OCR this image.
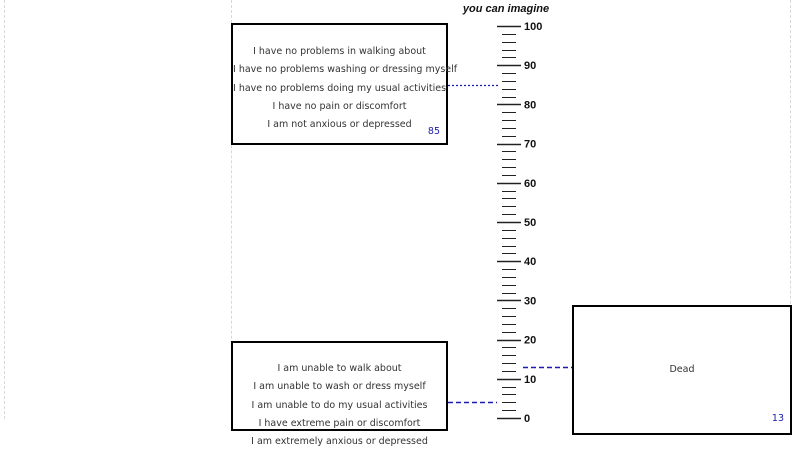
you can imagine
100
90
80
70
60
50
40
30
20
10
0
I have no problems in walking about
I have no problems washing or dressing myself
I have no problems doing my usual activities
I have no pain or discomfort
I am not anxious or depressed
85
I am unable to walk about
I am unable to wash or dress myself
I am unable to do my usual activities
I have extreme pain or discomfort
I am extremely anxious or depressed
Dead
13
